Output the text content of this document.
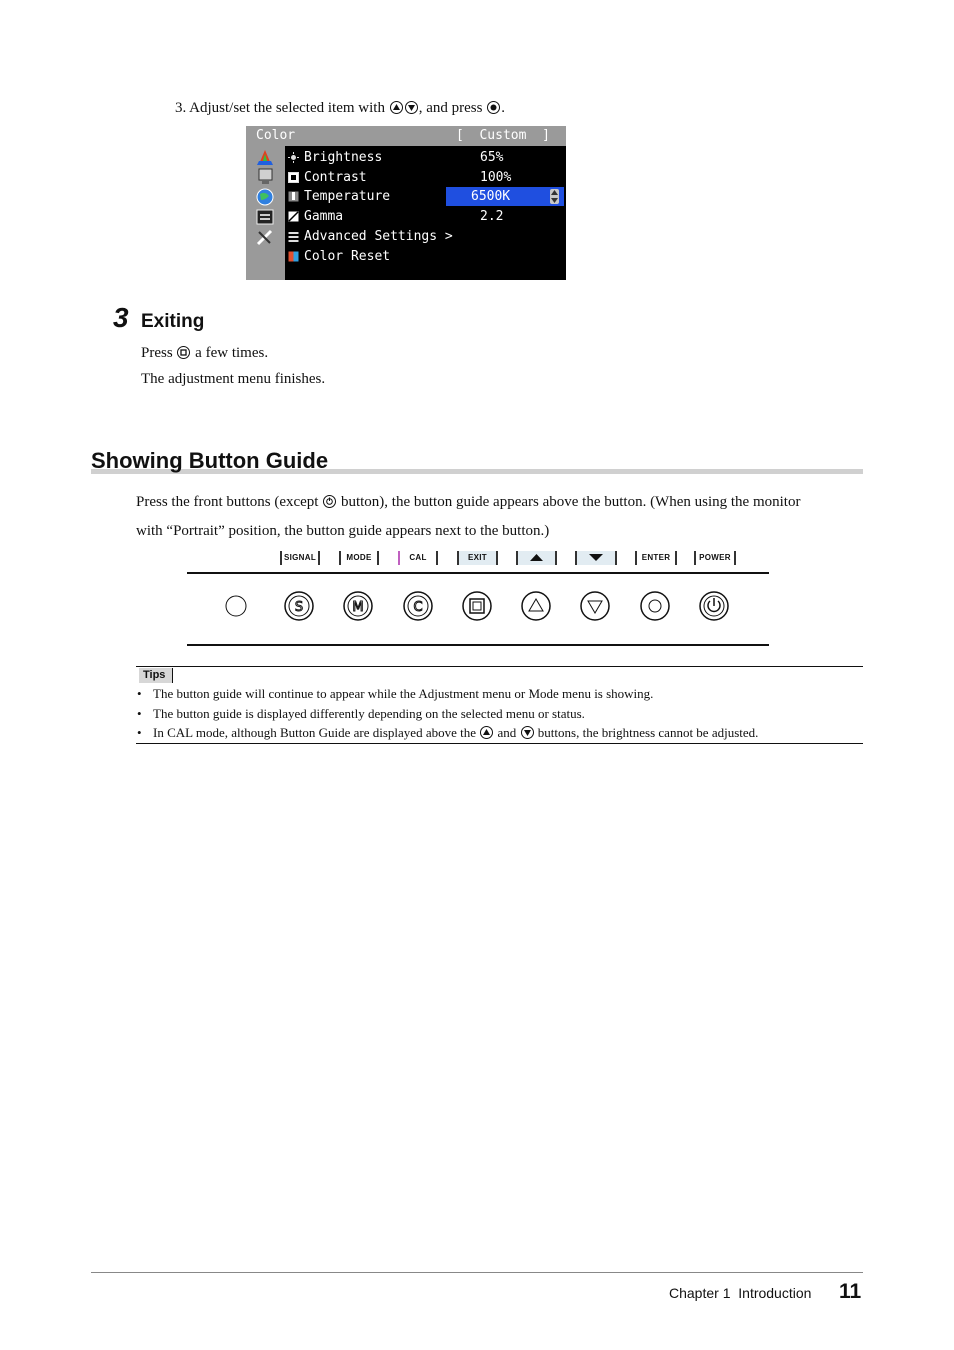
3. Adjust/set the selected item with , and press .
Color	[  Custom  ]
Brightness	65%
Contrast	100%
Temperature	6500K
Gamma	2.2
Advanced Settings >
Color Reset
3 Exiting
Press a few times.
The adjustment menu finishes.
Showing Button Guide
Press the front buttons (except button), the button guide appears above the button. (When using the monitor
with “Portrait” position, the button guide appears next to the button.)
SIGNAL	MODE	CAL	EXIT	ENTER	POWER
S	M	C
Tips
• The button guide will continue to appear while the Adjustment menu or Mode menu is showing.
• The button guide is displayed differently depending on the selected menu or status.
• In CAL mode, although Button Guide are displayed above the and buttons, the brightness cannot be adjusted.
Chapter 1  Introduction 11
